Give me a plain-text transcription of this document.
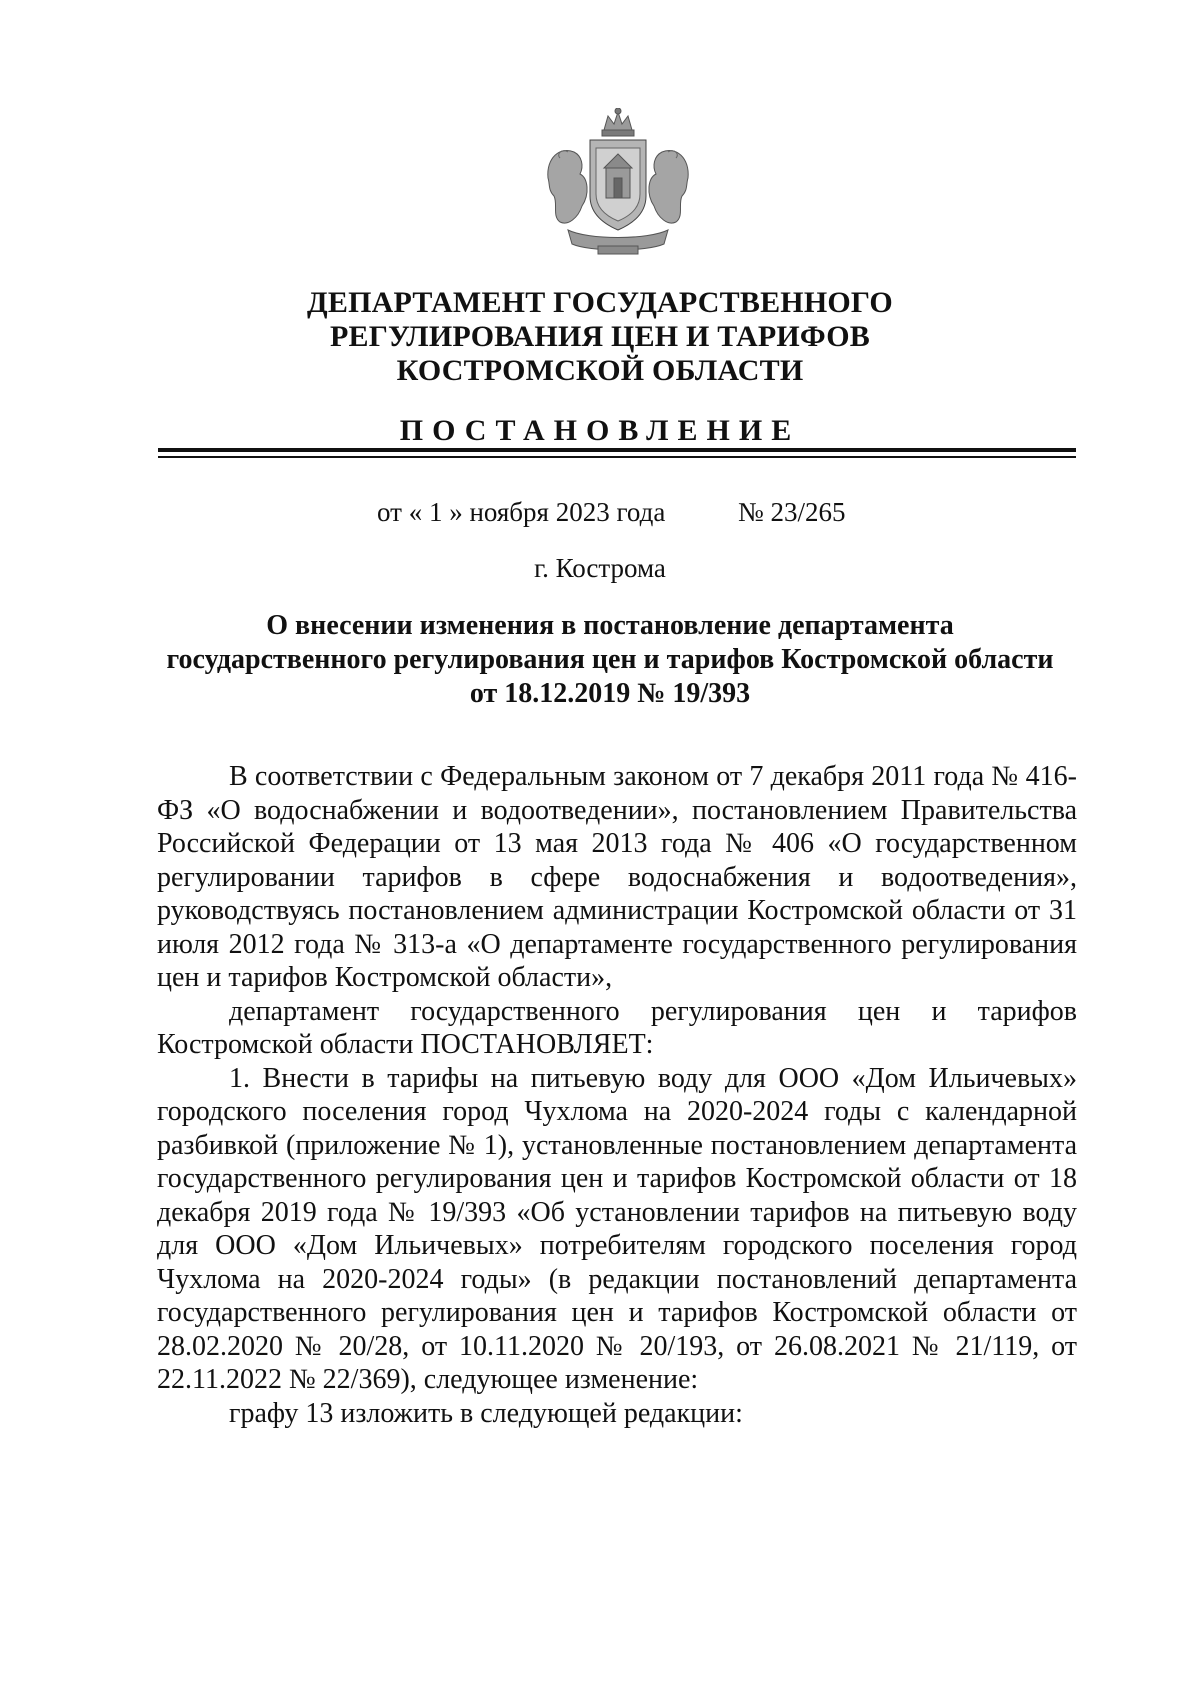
ДЕПАРТАМЕНТ ГОСУДАРСТВЕННОГО
РЕГУЛИРОВАНИЯ ЦЕН И ТАРИФОВ
КОСТРОМСКОЙ ОБЛАСТИ
ПОСТАНОВЛЕНИЕ
от « 1 » ноября 2023 года	№ 23/265
г. Кострома
О внесении изменения в постановление департамента
государственного регулирования цен и тарифов Костромской области
от 18.12.2019 № 19/393

В соответствии с Федеральным законом от 7 декабря 2011 года № 416-ФЗ «О водоснабжении и водоотведении», постановлением Правительства Российской Федерации от 13 мая 2013 года № 406 «О государственном регулировании тарифов в сфере водоснабжения и водоотведения», руководствуясь постановлением администрации Костромской области от 31 июля 2012 года № 313-а «О департаменте государственного регулирования цен и тарифов Костромской области»,

департамент государственного регулирования цен и тарифов Костромской области ПОСТАНОВЛЯЕТ:

1. Внести в тарифы на питьевую воду для ООО «Дом Ильичевых» городского поселения город Чухлома на 2020-2024 годы с календарной разбивкой (приложение № 1), установленные постановлением департамента государственного регулирования цен и тарифов Костромской области от 18 декабря 2019 года № 19/393 «Об установлении тарифов на питьевую воду для ООО «Дом Ильичевых» потребителям городского поселения город Чухлома на 2020-2024 годы» (в редакции постановлений департамента государственного регулирования цен и тарифов Костромской области от 28.02.2020 № 20/28, от 10.11.2020 № 20/193, от 26.08.2021 № 21/119, от 22.11.2022 № 22/369), следующее изменение:

графу 13 изложить в следующей редакции:
